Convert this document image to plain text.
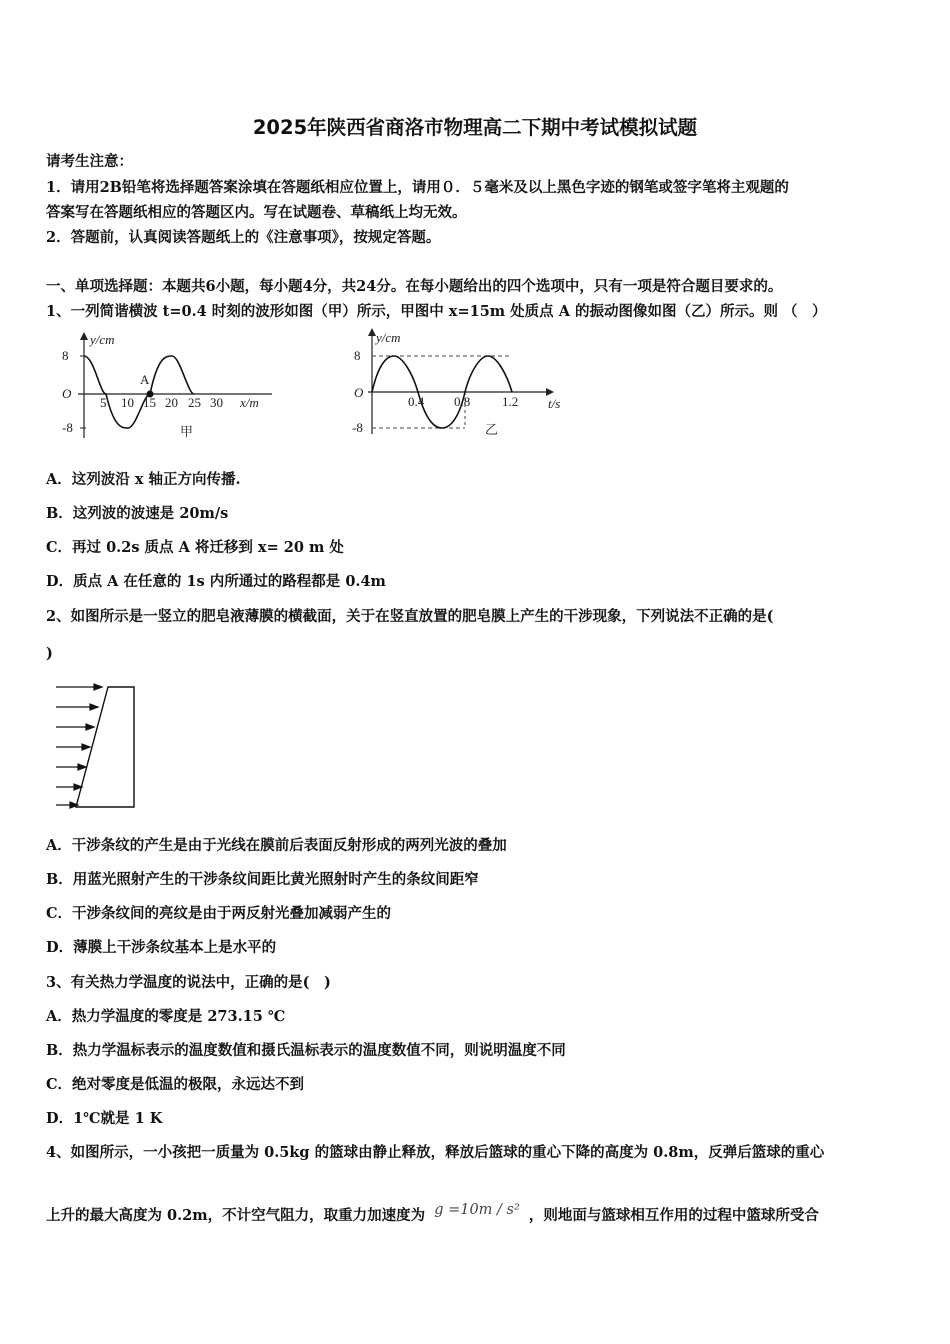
2025年陕西省商洛市物理高二下期中考试模拟试题
请考生注意：
1．请用2B铅笔将选择题答案涂填在答题纸相应位置上，请用０．５毫米及以上黑色字迹的钢笔或签字笔将主观题的
答案写在答题纸相应的答题区内。写在试题卷、草稿纸上均无效。
2．答题前，认真阅读答题纸上的《注意事项》，按规定答题。
一、单项选择题：本题共6小题，每小题4分，共24分。在每小题给出的四个选项中，只有一项是符合题目要求的。
1、一列简谐横波 t=0.4 时刻的波形如图（甲）所示，甲图中 x=15m 处质点 A 的振动图像如图（乙）所示。则 （　）
y/cm
8
O
-8
A
5 10 15 20 25 30 x/m
甲
y/cm
8
O
-8
0.4 0.8 1.2 t/s
乙
A．这列波沿 x 轴正方向传播.
B．这列波的波速是 20m/s
C．再过 0.2s 质点 A 将迁移到 x= 20 m 处
D．质点 A 在任意的 1s 内所通过的路程都是 0.4m
2、如图所示是一竖立的肥皂液薄膜的横截面，关于在竖直放置的肥皂膜上产生的干涉现象，下列说法不正确的是(
)
A．干涉条纹的产生是由于光线在膜前后表面反射形成的两列光波的叠加
B．用蓝光照射产生的干涉条纹间距比黄光照射时产生的条纹间距窄
C．干涉条纹间的亮纹是由于两反射光叠加减弱产生的
D．薄膜上干涉条纹基本上是水平的
3、有关热力学温度的说法中，正确的是(　)
A．热力学温度的零度是 273.15 ℃
B．热力学温标表示的温度数值和摄氏温标表示的温度数值不同，则说明温度不同
C．绝对零度是低温的极限，永远达不到
D．1℃就是 1 K
4、如图所示，一小孩把一质量为 0.5kg 的篮球由静止释放，释放后篮球的重心下降的高度为 0.8m，反弹后篮球的重心
上升的最大高度为 0.2m，不计空气阻力，取重力加速度为 g =10m / s² ，则地面与篮球相互作用的过程中篮球所受合
